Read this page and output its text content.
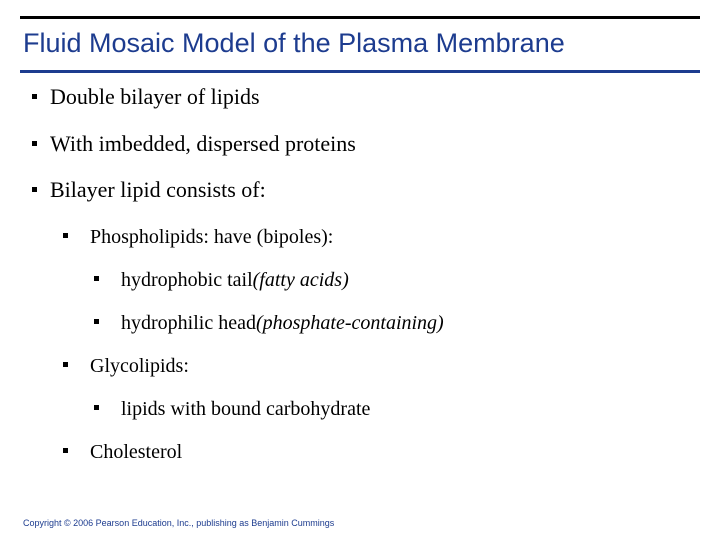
Fluid Mosaic Model of the Plasma Membrane
Double bilayer of lipids
With imbedded, dispersed proteins
Bilayer lipid consists of:
Phospholipids: have (bipoles):
hydrophobic tail(fatty acids)
hydrophilic head(phosphate-containing)
Glycolipids:
lipids with bound carbohydrate
Cholesterol
Copyright © 2006 Pearson Education, Inc., publishing as Benjamin Cummings
